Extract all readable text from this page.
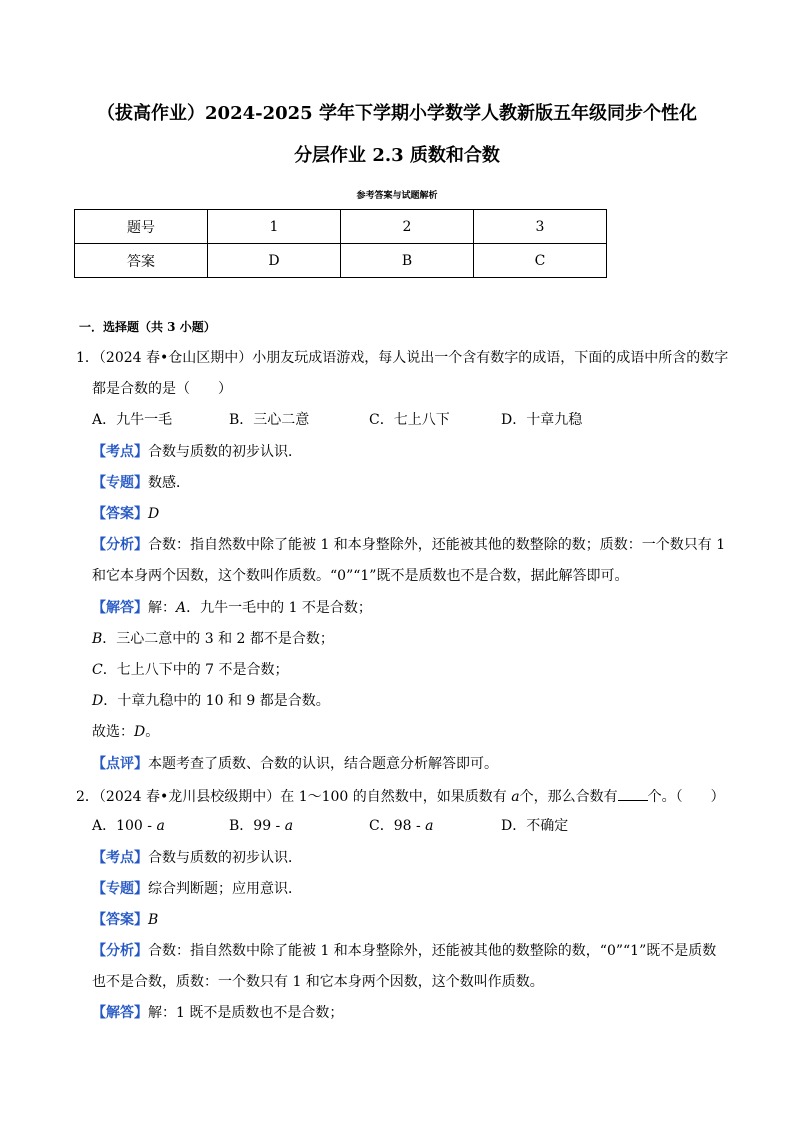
（拔高作业）2024-2025 学年下学期小学数学人教新版五年级同步个性化
分层作业 2.3 质数和合数
参考答案与试题解析
题号	1	2	3
答案	D	B	C
一．选择题（共 3 小题）
1．（2024 春•仓山区期中）小朋友玩成语游戏，每人说出一个含有数字的成语，下面的成语中所含的数字
都是合数的是（　　）
A．九牛一毛	B．三心二意	C．七上八下	D．十章九稳
【考点】合数与质数的初步认识．
【专题】数感．
【答案】D
【分析】合数：指自然数中除了能被 1 和本身整除外，还能被其他的数整除的数；质数：一个数只有 1
和它本身两个因数，这个数叫作质数。“0”“1”既不是质数也不是合数，据此解答即可。
【解答】解：A．九牛一毛中的 1 不是合数；
B．三心二意中的 3 和 2 都不是合数；
C．七上八下中的 7 不是合数；
D．十章九稳中的 10 和 9 都是合数。
故选：D。
【点评】本题考查了质数、合数的认识，结合题意分析解答即可。
2．（2024 春•龙川县校级期中）在 1～100 的自然数中，如果质数有 a个，那么合数有 个。（　　）
A．100 - a	B．99 - a	C．98 - a	D．不确定
【考点】合数与质数的初步认识．
【专题】综合判断题；应用意识．
【答案】B
【分析】合数：指自然数中除了能被 1 和本身整除外，还能被其他的数整除的数，“0”“1”既不是质数
也不是合数，质数：一个数只有 1 和它本身两个因数，这个数叫作质数。
【解答】解：1 既不是质数也不是合数；
